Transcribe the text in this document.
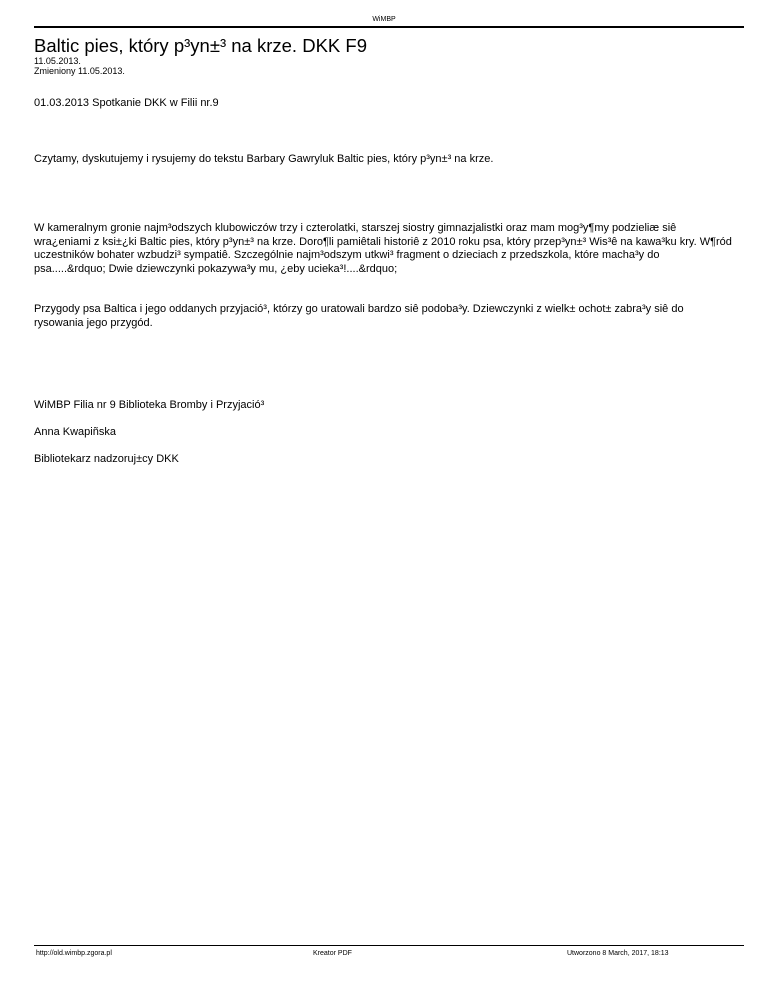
WiMBP
Baltic pies, który p³yn±³ na krze. DKK F9
11.05.2013.
Zmieniony 11.05.2013.

01.03.2013 Spotkanie DKK w Filii nr.9

Czytamy, dyskutujemy i rysujemy do tekstu Barbary Gawryluk Baltic pies, który p³yn±³ na krze.

W kameralnym gronie najm³odszych klubowiczów trzy i czterolatki, starszej siostry gimnazjalistki oraz mam mog³y¶my podzieliæ siê wra¿eniami z ksi±¿ki Baltic pies, który p³yn±³ na krze. Doro¶li pamiêtali historiê z 2010 roku psa, który przep³yn±³ Wis³ê na kawa³ku kry. W¶ród uczestników bohater wzbudzi³ sympatiê. Szczególnie najm³odszym utkwi³ fragment o dzieciach z przedszkola, które macha³y do psa.....&rdquo; Dwie dziewczynki pokazywa³y mu, ¿eby ucieka³!....&rdquo;

Przygody psa Baltica i jego oddanych przyjació³, którzy go uratowali bardzo siê podoba³y. Dziewczynki z wielk± ochot± zabra³y siê do rysowania jego przygód.

WiMBP Filia nr 9 Biblioteka Bromby i Przyjació³

Anna Kwapiñska

Bibliotekarz nadzoruj±cy DKK

http://old.wimbp.zgora.pl	Kreator PDF	Utworzono 8 March, 2017, 18:13
